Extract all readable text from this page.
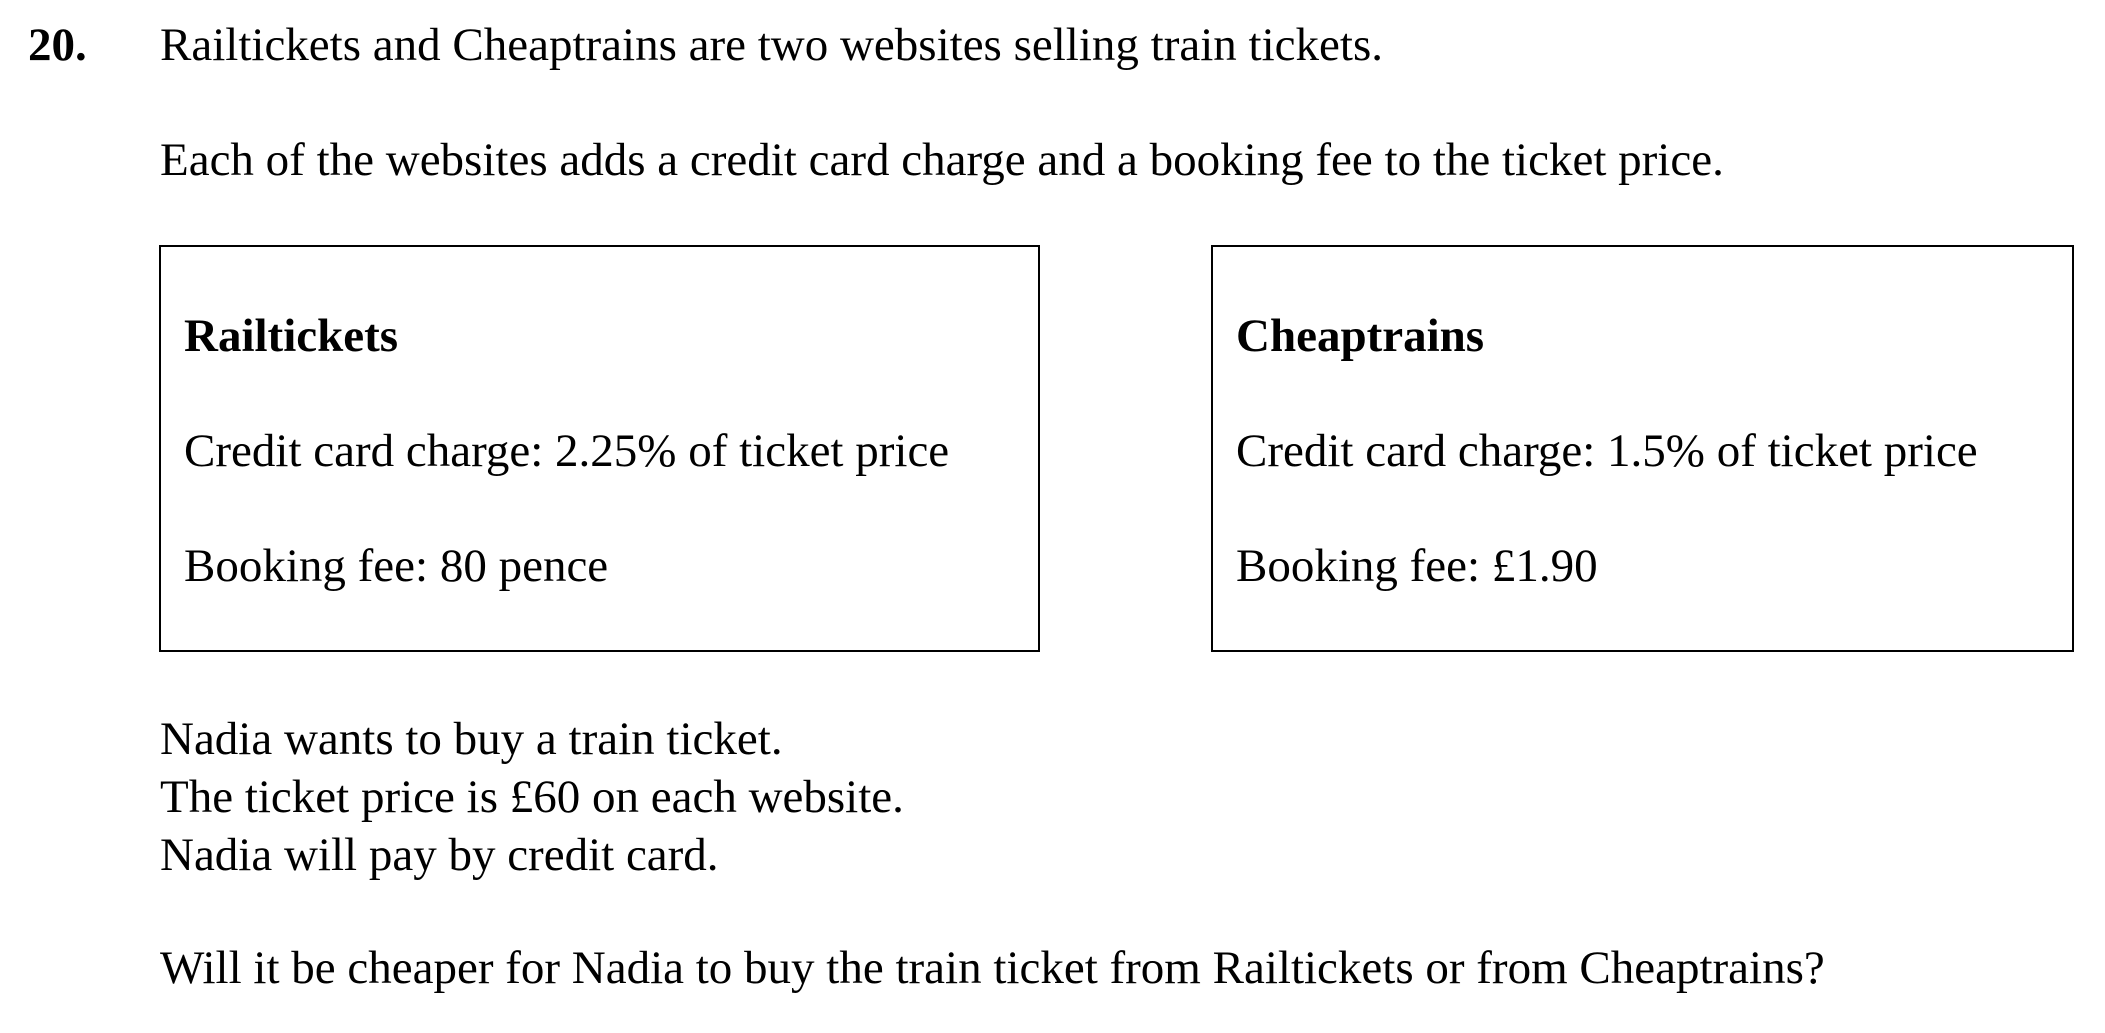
20. Railtickets and Cheaptrains are two websites selling train tickets.
Each of the websites adds a credit card charge and a booking fee to the ticket price.
Railtickets
Credit card charge: 2.25% of ticket price
Booking fee: 80 pence
Cheaptrains
Credit card charge: 1.5% of ticket price
Booking fee: £1.90
Nadia wants to buy a train ticket.
The ticket price is £60 on each website.
Nadia will pay by credit card.
Will it be cheaper for Nadia to buy the train ticket from Railtickets or from Cheaptrains?
